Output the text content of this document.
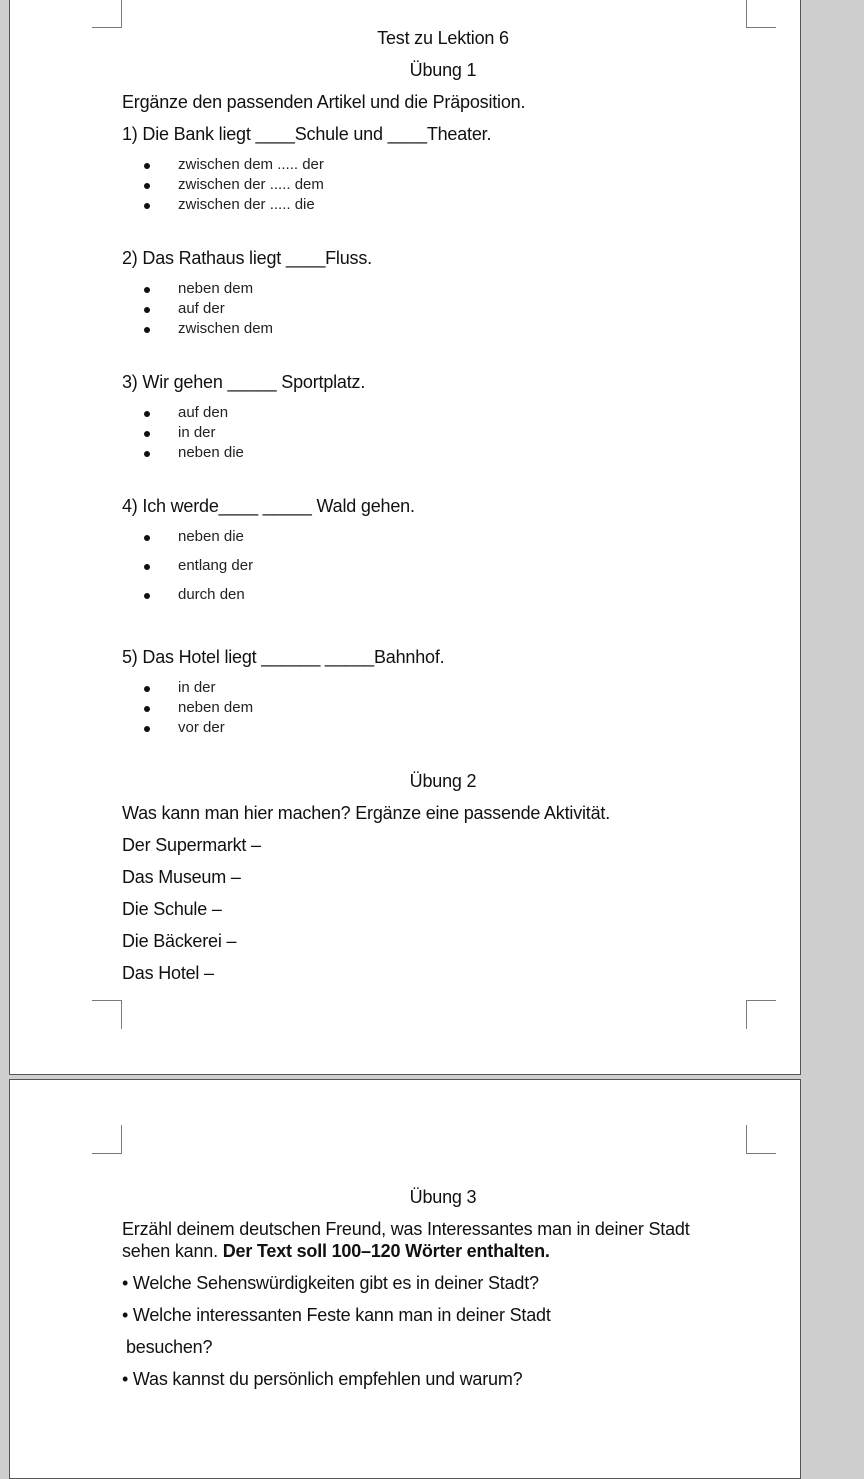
Test zu Lektion 6
Übung 1
Ergänze den passenden Artikel und die Präposition.
1) Die Bank liegt ____Schule und ____Theater.
zwischen dem ..... der
zwischen der ..... dem
zwischen der ..... die
2) Das Rathaus liegt ____Fluss.
neben dem
auf der
zwischen dem
3) Wir gehen _____ Sportplatz.
auf den
in der
neben die
4) Ich werde____ _____ Wald gehen.
neben die
entlang der
durch den
5) Das Hotel liegt ______ _____Bahnhof.
in der
neben dem
vor der
Übung 2
Was kann man hier machen? Ergänze eine passende Aktivität.
Der Supermarkt –
Das Museum –
Die Schule –
Die Bäckerei –
Das Hotel –
Übung 3
Erzähl deinem deutschen Freund, was Interessantes man in deiner Stadt
sehen kann. Der Text soll 100–120 Wörter enthalten.
• Welche Sehenswürdigkeiten gibt es in deiner Stadt?
• Welche interessanten Feste kann man in deiner Stadt
besuchen?
• Was kannst du persönlich empfehlen und warum?
